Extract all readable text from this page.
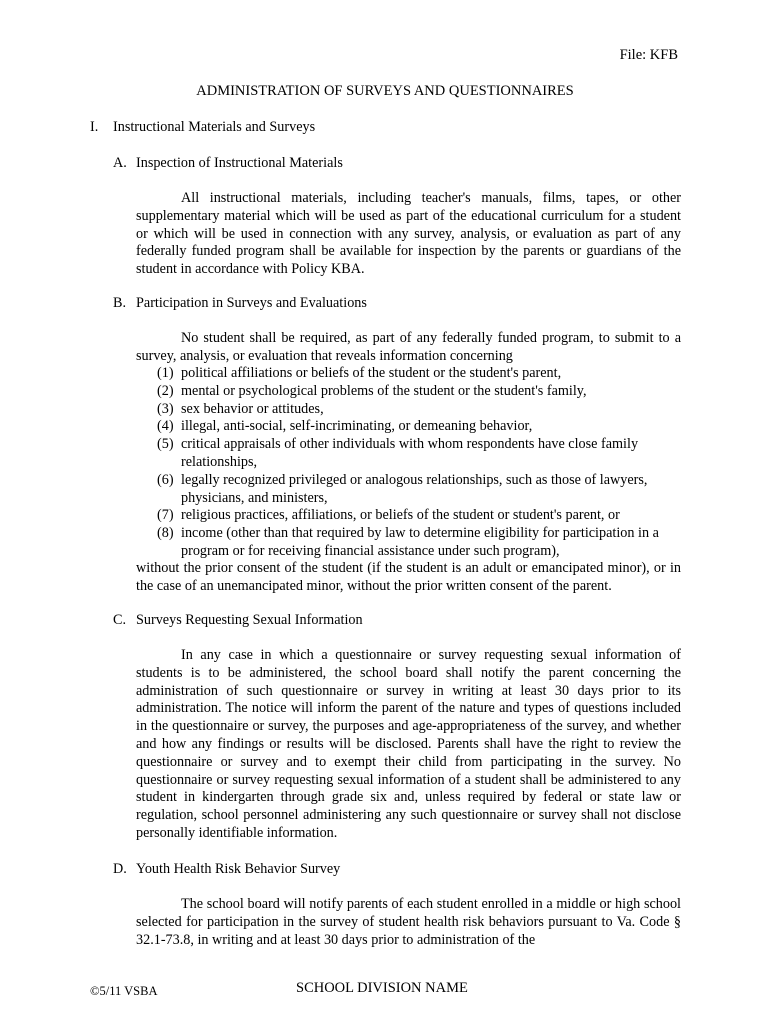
File: KFB
ADMINISTRATION OF SURVEYS AND QUESTIONNAIRES
I. Instructional Materials and Surveys
A. Inspection of Instructional Materials

All instructional materials, including teacher's manuals, films, tapes, or other supplementary material which will be used as part of the educational curriculum for a student or which will be used in connection with any survey, analysis, or evaluation as part of any federally funded program shall be available for inspection by the parents or guardians of the student in accordance with Policy KBA.

B. Participation in Surveys and Evaluations

No student shall be required, as part of any federally funded program, to submit to a survey, analysis, or evaluation that reveals information concerning

(1) political affiliations or beliefs of the student or the student's parent,
(2) mental or psychological problems of the student or the student's family,
(3) sex behavior or attitudes,
(4) illegal, anti-social, self-incriminating, or demeaning behavior,
(5) critical appraisals of other individuals with whom respondents have close family relationships,
(6) legally recognized privileged or analogous relationships, such as those of lawyers, physicians, and ministers,
(7) religious practices, affiliations, or beliefs of the student or student's parent, or
(8) income (other than that required by law to determine eligibility for participation in a program or for receiving financial assistance under such program),
without the prior consent of the student (if the student is an adult or emancipated minor), or in the case of an unemancipated minor, without the prior written consent of the parent.
C. Surveys Requesting Sexual Information

In any case in which a questionnaire or survey requesting sexual information of students is to be administered, the school board shall notify the parent concerning the administration of such questionnaire or survey in writing at least 30 days prior to its administration. The notice will inform the parent of the nature and types of questions included in the questionnaire or survey, the purposes and age-appropriateness of the survey, and whether and how any findings or results will be disclosed. Parents shall have the right to review the questionnaire or survey and to exempt their child from participating in the survey. No questionnaire or survey requesting sexual information of a student shall be administered to any student in kindergarten through grade six and, unless required by federal or state law or regulation, school personnel administering any such questionnaire or survey shall not disclose personally identifiable information.

D. Youth Health Risk Behavior Survey

The school board will notify parents of each student enrolled in a middle or high school selected for participation in the survey of student health risk behaviors pursuant to Va. Code § 32.1-73.8, in writing and at least 30 days prior to administration of the

©5/11 VSBA	SCHOOL DIVISION NAME
